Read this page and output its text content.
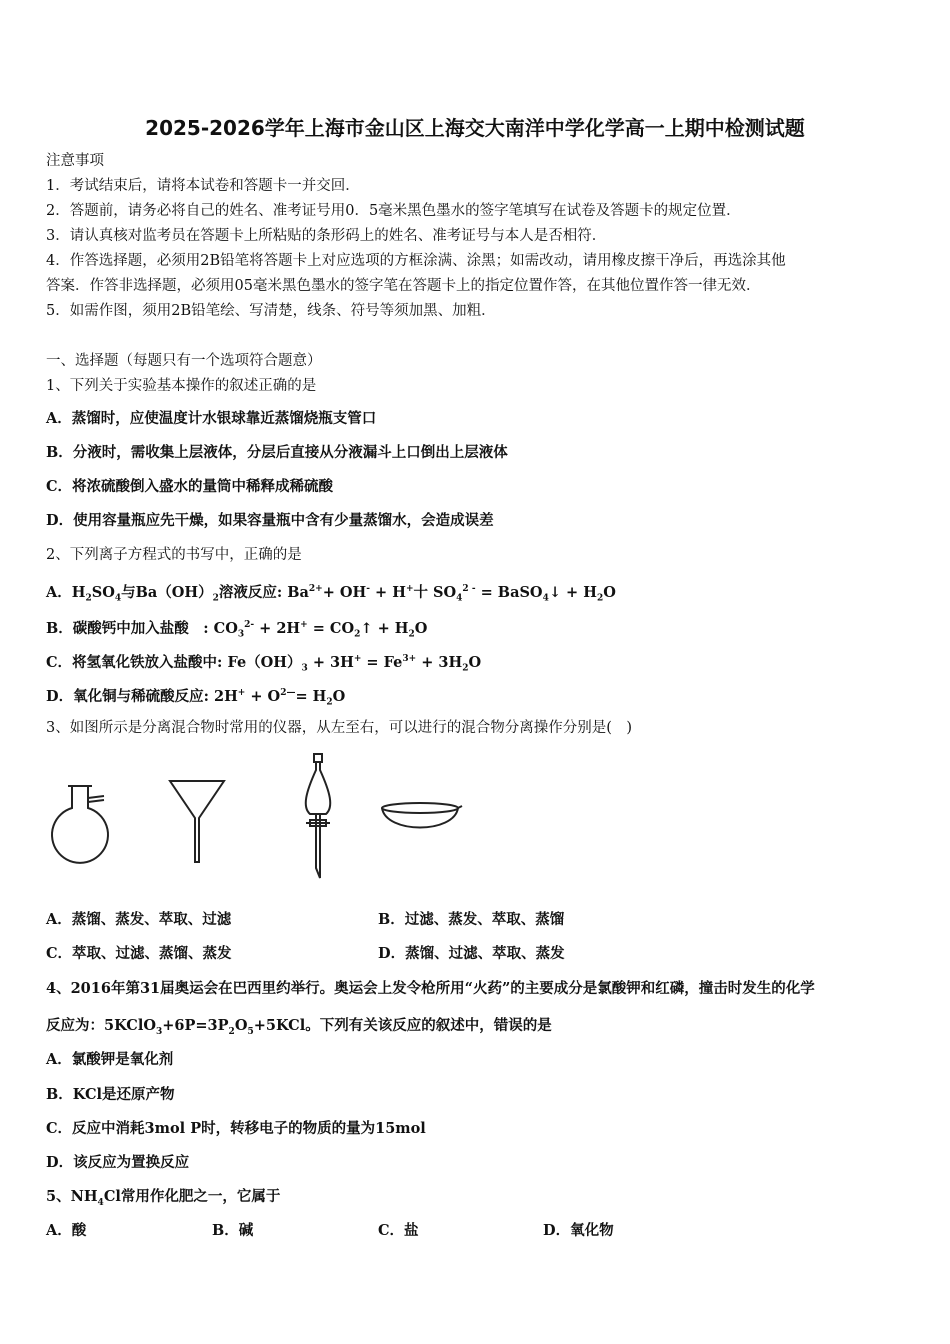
2025-2026学年上海市金山区上海交大南洋中学化学高一上期中检测试题
注意事项
1．考试结束后，请将本试卷和答题卡一并交回．
2．答题前，请务必将自己的姓名、准考证号用0．5毫米黑色墨水的签字笔填写在试卷及答题卡的规定位置．
3．请认真核对监考员在答题卡上所粘贴的条形码上的姓名、准考证号与本人是否相符．
4．作答选择题，必须用2B铅笔将答题卡上对应选项的方框涂满、涂黑；如需改动，请用橡皮擦干净后，再选涂其他
答案．作答非选择题，必须用05毫米黑色墨水的签字笔在答题卡上的指定位置作答，在其他位置作答一律无效．
5．如需作图，须用2B铅笔绘、写清楚，线条、符号等须加黑、加粗．
一、选择题（每题只有一个选项符合题意）
1、下列关于实验基本操作的叙述正确的是
A．蒸馏时，应使温度计水银球靠近蒸馏烧瓶支管口
B．分液时，需收集上层液体，分层后直接从分液漏斗上口倒出上层液体
C．将浓硫酸倒入盛水的量筒中稀释成稀硫酸
D．使用容量瓶应先干燥，如果容量瓶中含有少量蒸馏水，会造成误差
2、下列离子方程式的书写中，正确的是
A．$H_2SO_4$与$Ba(OH)_2$溶液反应: $Ba^{2+}+ OH^- + H^+$十 $SO_4^{2 -}$ = BaSO$_4$↓ + $H_2O$
B．碳酸钙中加入盐酸　: $CO_3^{2-} + 2H^+$ = $CO_2↑ + H_2O$
C．将氢氧化铁放入盐酸中: $Fe(OH)_3 + 3H^+ = Fe^{3+} + 3H_2O$
D．氧化铜与稀硫酸反应: $2H^+ + O^{2—}= H_2O$
3、如图所示是分离混合物时常用的仪器，从左至右，可以进行的混合物分离操作分别是(　)
A．蒸馏、蒸发、萃取、过滤	B．过滤、蒸发、萃取、蒸馏
C．萃取、过滤、蒸馏、蒸发	D．蒸馏、过滤、萃取、蒸发
4、2016年第31届奥运会在巴西里约举行。奥运会上发令枪所用“火药”的主要成分是氯酸钾和红磷，撞击时发生的化学
反应为：$5KClO_3+6P=3P_2O_5+5KCl$。下列有关该反应的叙述中，错误的是
A．氯酸钾是氧化剂
B．KCl是还原产物
C．反应中消耗3mol P时，转移电子的物质的量为15mol
D．该反应为置换反应
5、$NH_4Cl$常用作化肥之一，它属于
A．酸	B．碱	C．盐	D．氧化物
